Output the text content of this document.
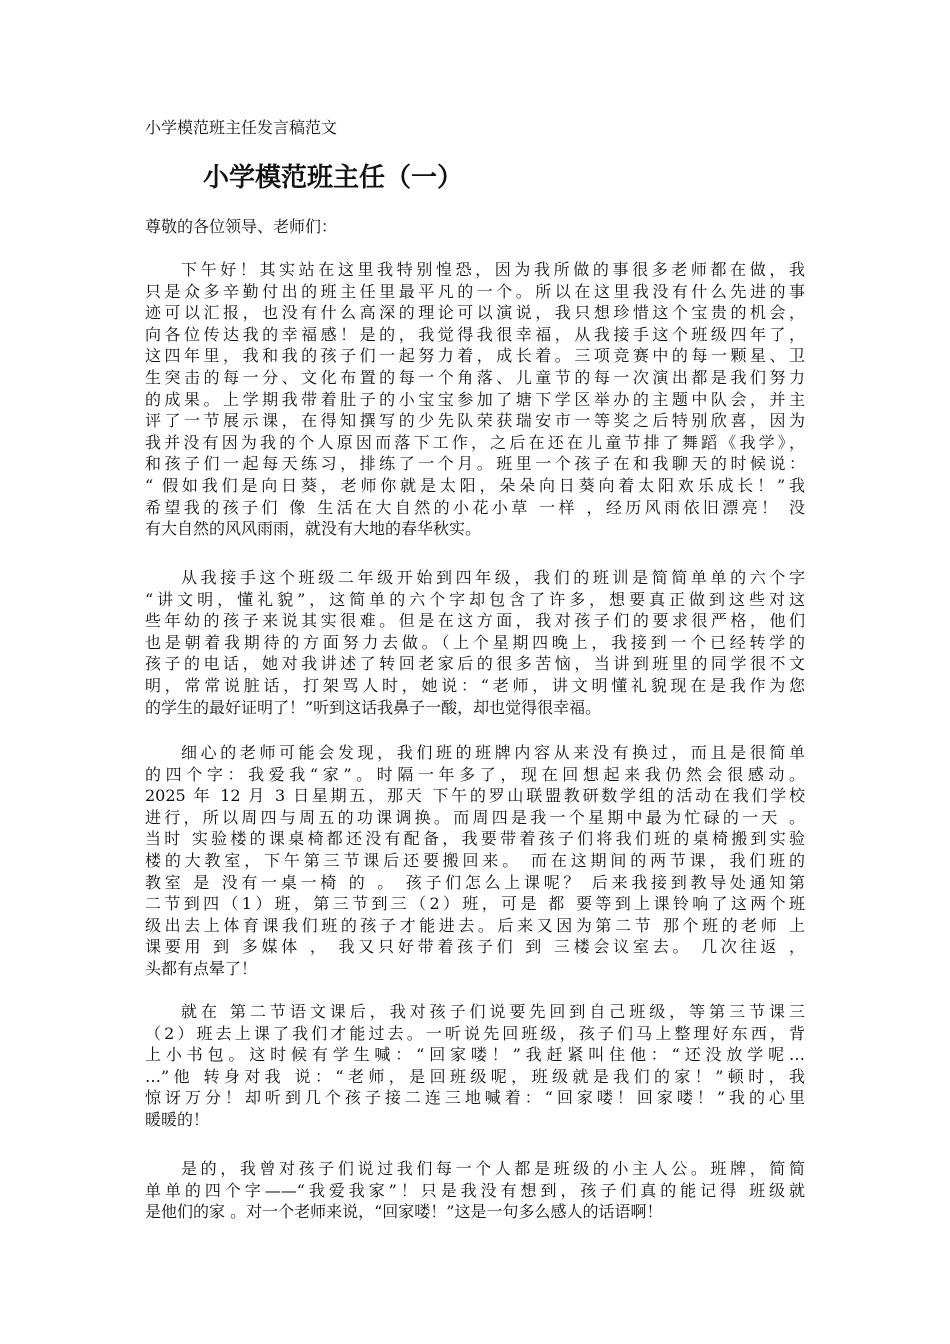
小学模范班主任发言稿范文
小学模范班主任（一）
尊敬的各位领导、老师们：
下午好！其实站在这里我特别惶恐，因为我所做的事很多老师都在做，我
只是众多辛勤付出的班主任里最平凡的一个。所以在这里我没有什么先进的事
迹可以汇报，也没有什么高深的理论可以演说，我只想珍惜这个宝贵的机会，
向各位传达我的幸福感！是的，我觉得我很幸福，从我接手这个班级四年了，
这四年里，我和我的孩子们一起努力着，成长着。三项竞赛中的每一颗星、卫
生突击的每一分、文化布置的每一个角落、儿童节的每一次演出都是我们努力
的成果。上学期我带着肚子的小宝宝参加了塘下学区举办的主题中队会，并主
评了一节展示课，在得知撰写的少先队荣获瑞安市一等奖之后特别欣喜，因为
我并没有因为我的个人原因而落下工作，之后在还在儿童节排了舞蹈《我学》，
和孩子们一起每天练习，排练了一个月。班里一个孩子在和我聊天的时候说：
“ 假如我们是向日葵，老师你就是太阳，朵朵向日葵向着太阳欢乐成长！”我
希望我的孩子们 像 生活在大自然的小花小草 一样 ，经历风雨依旧漂亮！ 没
有大自然的风风雨雨，就没有大地的春华秋实。
从我接手这个班级二年级开始到四年级，我们的班训是简简单单的六个字
“讲文明，懂礼貌”，这简单的六个字却包含了许多，想要真正做到这些对这
些年幼的孩子来说其实很难。但是在这方面，我对孩子们的要求很严格，他们
也是朝着我期待的方面努力去做。（上个星期四晚上，我接到一个已经转学的
孩子的电话，她对我讲述了转回老家后的很多苦恼，当讲到班里的同学很不文
明，常常说脏话，打架骂人时，她说：“老师，讲文明懂礼貌现在是我作为您
的学生的最好证明了！”听到这话我鼻子一酸，却也觉得很幸福。
细心的老师可能会发现，我们班的班牌内容从来没有换过，而且是很简单
的四个字：我爱我“家”。时隔一年多了，现在回想起来我仍然会很感动。
2025 年 12 月 3 日星期五，那天 下午的罗山联盟教研数学组的活动在我们学校
进行，所以周四与周五的功课调换。而周四是我一个星期中最为忙碌的一天 。
当时 实验楼的课桌椅都还没有配备，我要带着孩子们将我们班的桌椅搬到实验
楼的大教室，下午第三节课后还要搬回来。 而在这期间的两节课，我们班的
教室 是 没有一桌一椅 的 。 孩子们怎么上课呢？ 后来我接到教导处通知第
二节到四（1）班，第三节到三（2）班，可是 都 要等到上课铃响了这两个班
级出去上体育课我们班的孩子才能进去。后来又因为第二节 那个班的老师 上
课要用 到 多媒体 ， 我又只好带着孩子们 到 三楼会议室去。 几次往返 ，
头都有点晕了！
就在 第二节语文课后，我对孩子们说要先回到自己班级，等第三节课三
（2）班去上课了我们才能过去。一听说先回班级，孩子们马上整理好东西，背
上小书包。这时候有学生喊：“回家喽！”我赶紧叫住他：“还没放学呢…
…”他 转身对我 说：“老师，是回班级呢，班级就是我们的家！”顿时，我
惊讶万分！却听到几个孩子接二连三地喊着：“回家喽！回家喽！”我的心里
暖暖的！
是的，我曾对孩子们说过我们每一个人都是班级的小主人公。班牌，简简
单单的四个字——“我爱我家”！只是我没有想到，孩子们真的能记得 班级就
是他们的家 。对一个老师来说，“回家喽！”这是一句多么感人的话语啊！
